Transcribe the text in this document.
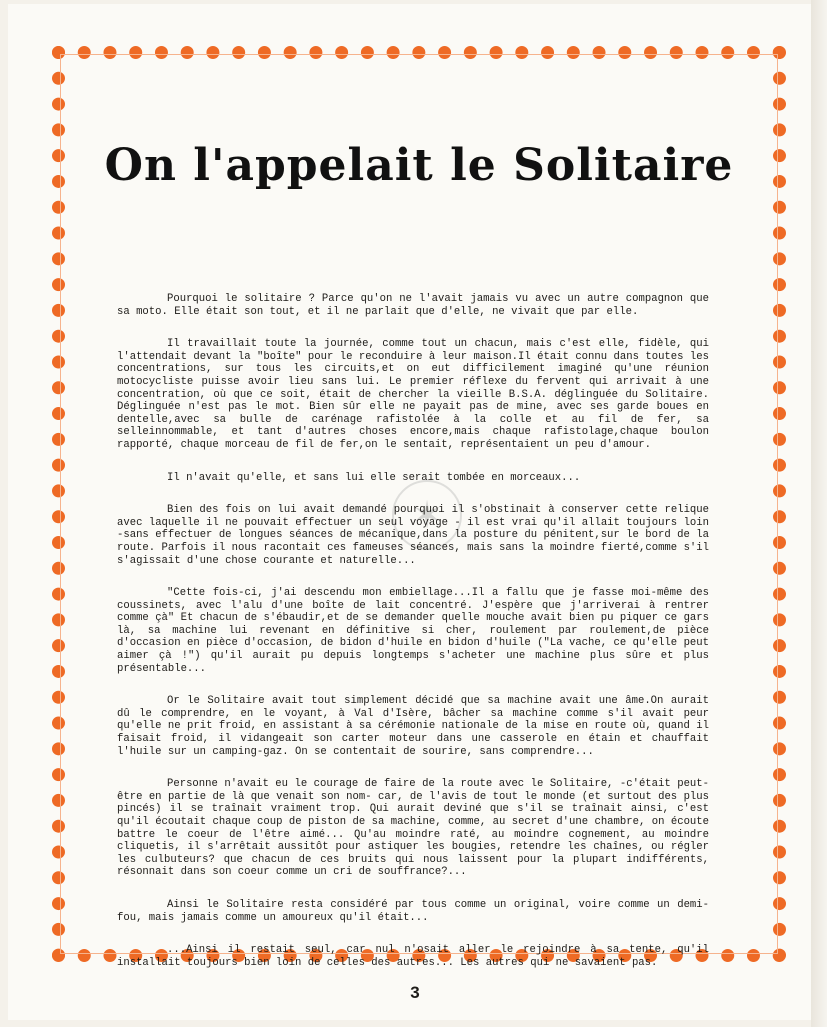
On l'appelait le Solitaire
✶

Pourquoi le solitaire ? Parce qu'on ne l'avait jamais vu avec un autre compagnon que sa moto. Elle était son tout, et il ne parlait que d'elle, ne vivait que par elle.

Il travaillait toute la journée, comme tout un chacun, mais c'est elle, fidèle, qui l'attendait devant la "boîte" pour le reconduire à leur maison.Il était connu dans toutes les concentrations, sur tous les circuits,et on eut difficilement imaginé qu'une réunion motocycliste puisse avoir lieu sans lui. Le premier réflexe du fervent qui arrivait à une concentration, où que ce soit, était de chercher la vieille B.S.A. déglinguée du Solitaire. Déglinguée n'est pas le mot. Bien sûr elle ne payait pas de mine, avec ses garde boues en dentelle,avec sa bulle de carénage rafistolée à la colle et au fil de fer, sa selleinnommable, et tant d'autres choses encore,mais chaque rafistolage,chaque boulon rapporté, chaque morceau de fil de fer,on le sentait, représentaient un peu d'amour.

Il n'avait qu'elle, et sans lui elle serait tombée en morceaux...

Bien des fois on lui avait demandé pourquoi il s'obstinait à conserver cette relique avec laquelle il ne pouvait effectuer un seul voyage - il est vrai qu'il allait toujours loin -sans effectuer de longues séances de mécanique,dans la posture du pénitent,sur le bord de la route. Parfois il nous racontait ces fameuses séances, mais sans la moindre fierté,comme s'il s'agissait d'une chose courante et naturelle...

"Cette fois-ci, j'ai descendu mon embiellage...Il a fallu que je fasse moi-même des coussinets, avec l'alu d'une boîte de lait concentré. J'espère que j'arriverai à rentrer comme çà" Et chacun de s'ébaudir,et de se demander quelle mouche avait bien pu piquer ce gars là, sa machine lui revenant en définitive si cher, roulement par roulement,de pièce d'occasion en pièce d'occasion, de bidon d'huile en bidon d'huile ("La vache, ce qu'elle peut aimer çà !") qu'il aurait pu depuis longtemps s'acheter une machine plus sûre et plus présentable...

Or le Solitaire avait tout simplement décidé que sa machine avait une âme.On aurait dû le comprendre, en le voyant, à Val d'Isère, bâcher sa machine comme s'il avait peur qu'elle ne prit froid, en assistant à sa cérémonie nationale de la mise en route où, quand il faisait froid, il vidangeait son carter moteur dans une casserole en étain et chauffait l'huile sur un camping-gaz. On se contentait de sourire, sans comprendre...

Personne n'avait eu le courage de faire de la route avec le Solitaire, -c'était peut-être en partie de là que venait son nom- car, de l'avis de tout le monde (et surtout des plus pincés) il se traînait vraiment trop. Qui aurait deviné que s'il se traînait ainsi, c'est qu'il écoutait chaque coup de piston de sa machine, comme, au secret d'une chambre, on écoute battre le coeur de l'être aimé... Qu'au moindre raté, au moindre cognement, au moindre cliquetis, il s'arrêtait aussitôt pour astiquer les bougies, retendre les chaînes, ou régler les culbuteurs? que chacun de ces bruits qui nous laissent pour la plupart indifférents, résonnait dans son coeur comme un cri de souffrance?...

Ainsi le Solitaire resta considéré par tous comme un original, voire comme un demi-fou, mais jamais comme un amoureux qu'il était...

...Ainsi il restait seul, car nul n'osait aller le rejoindre à sa tente, qu'il installait toujours bien loin de celles des autres... Les autres qui ne savaient pas.

3
